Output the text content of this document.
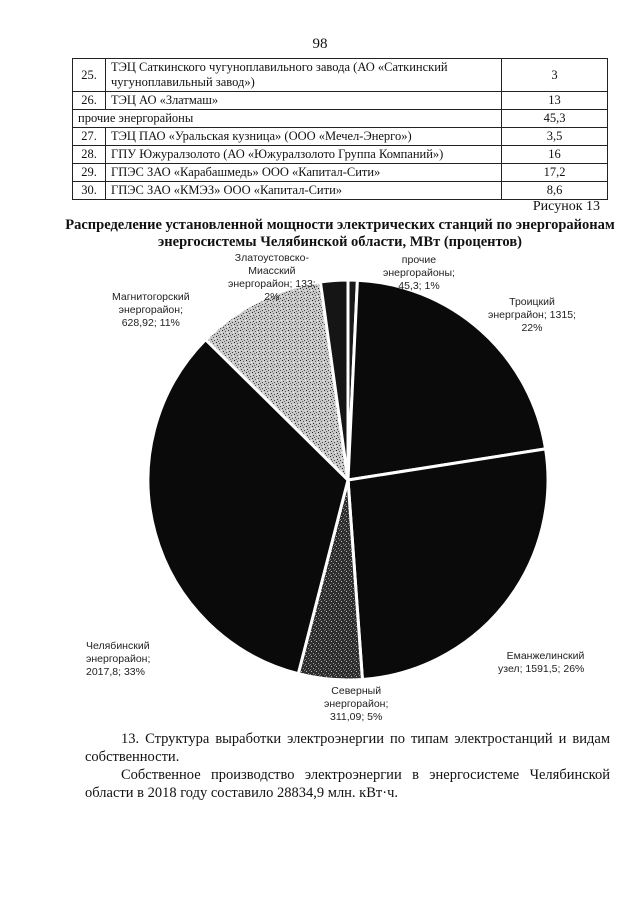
98
25.	ТЭЦ Саткинского чугуноплавильного завода (АО «Саткинский чугуноплавильный завод»)	3
26.	ТЭЦ АО «Златмаш»	13
прочие энергорайоны		45,3
27.	ТЭЦ ПАО «Уральская кузница» (ООО «Мечел-Энерго»)	3,5
28.	ГПУ Южуралзолото (АО «Южуралзолото Группа Компаний»)	16
29.	ГПЭС ЗАО «Карабашмедь» ООО «Капитал-Сити»	17,2
30.	ГПЭС ЗАО «КМЭЗ» ООО «Капитал-Сити»	8,6
Рисунок 13
Распределение установленной мощности электрических станций по энергорайонам энергосистемы Челябинской области, МВт (процентов)
прочие
энергорайоны;
45,3; 1%
Троицкий
энерграйон; 1315;
22%
Еманжелинский
узел; 1591,5; 26%
Северный
энергорайон;
311,09; 5%
Челябинский
энергорайон;
2017,8; 33%
Магнитогорский
энергорайон;
628,92; 11%
Златоустовско-
Миасский
энергорайон; 133;
2%
13. Структура выработки электроэнергии по типам электростанций и видам собственности.
Собственное производство электроэнергии в энергосистеме Челябинской области в 2018 году составило 28834,9 млн. кВт·ч.
